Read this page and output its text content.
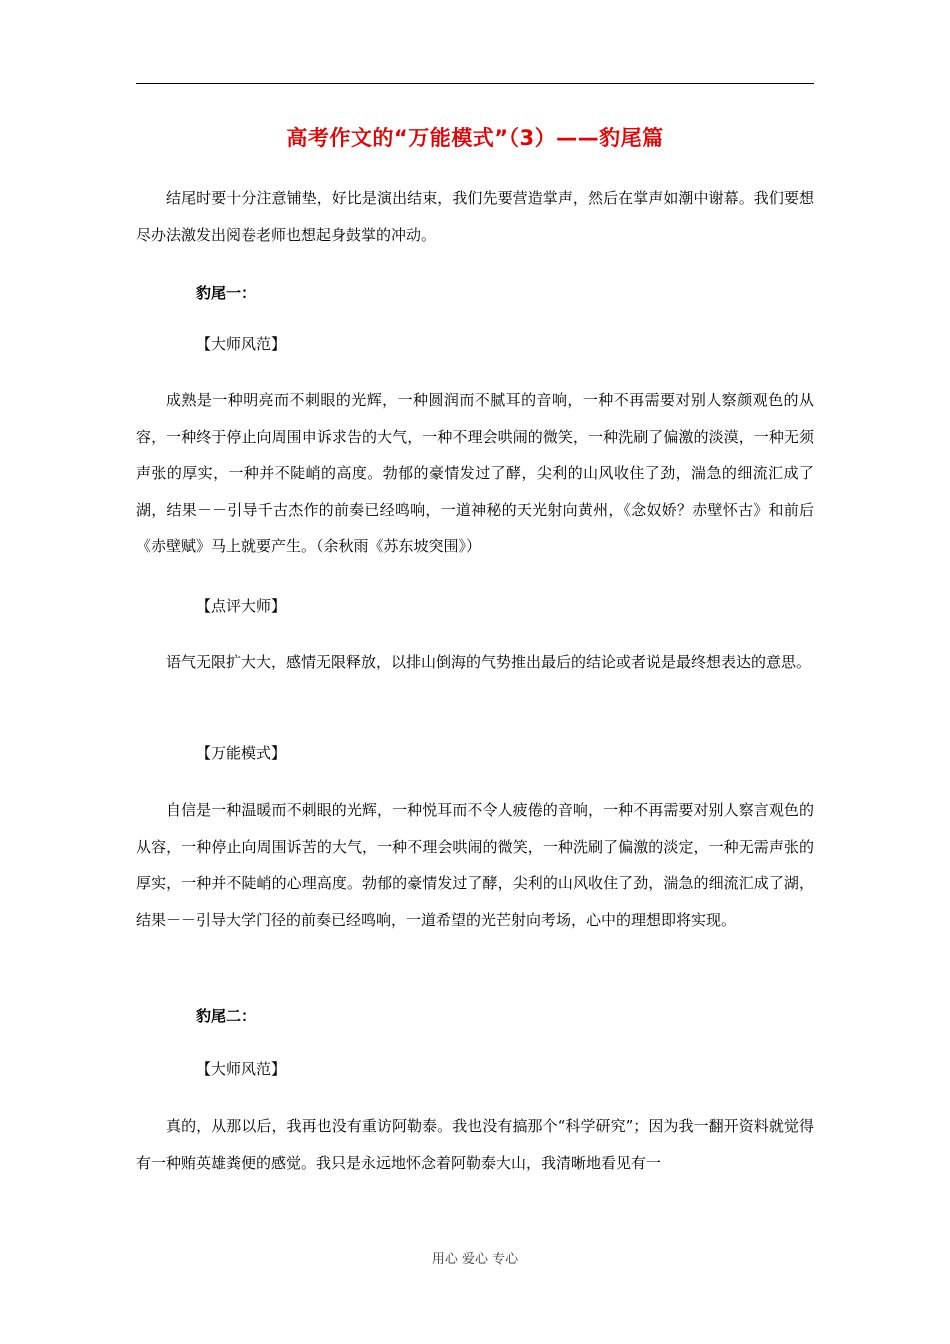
高考作文的“万能模式”（3）——豹尾篇

结尾时要十分注意铺垫，好比是演出结束，我们先要营造掌声，然后在掌声如潮中谢幕。我们要想尽办法激发出阅卷老师也想起身鼓掌的冲动。

豹尾一：

【大师风范】

成熟是一种明亮而不刺眼的光辉，一种圆润而不腻耳的音响，一种不再需要对别人察颜观色的从容，一种终于停止向周围申诉求告的大气，一种不理会哄闹的微笑，一种洗刷了偏激的淡漠，一种无须声张的厚实，一种并不陡峭的高度。勃郁的豪情发过了酵，尖利的山风收住了劲，湍急的细流汇成了湖，结果－－引导千古杰作的前奏已经鸣响，一道神秘的天光射向黄州，《念奴娇？赤壁怀古》和前后《赤壁赋》马上就要产生。（余秋雨《苏东坡突围》）

【点评大师】

语气无限扩大大，感情无限释放，以排山倒海的气势推出最后的结论或者说是最终想表达的意思。

【万能模式】

自信是一种温暖而不刺眼的光辉，一种悦耳而不令人疲倦的音响，一种不再需要对别人察言观色的从容，一种停止向周围诉苦的大气，一种不理会哄闹的微笑，一种洗刷了偏激的淡定，一种无需声张的厚实，一种并不陡峭的心理高度。勃郁的豪情发过了酵，尖利的山风收住了劲，湍急的细流汇成了湖，结果－－引导大学门径的前奏已经鸣响，一道希望的光芒射向考场，心中的理想即将实现。

豹尾二：

【大师风范】

真的，从那以后，我再也没有重访阿勒泰。我也没有搞那个“科学研究”；因为我一翻开资料就觉得有一种贿英雄粪便的感觉。我只是永远地怀念着阿勒泰大山，我清晰地看见有一

用心 爱心 专心
